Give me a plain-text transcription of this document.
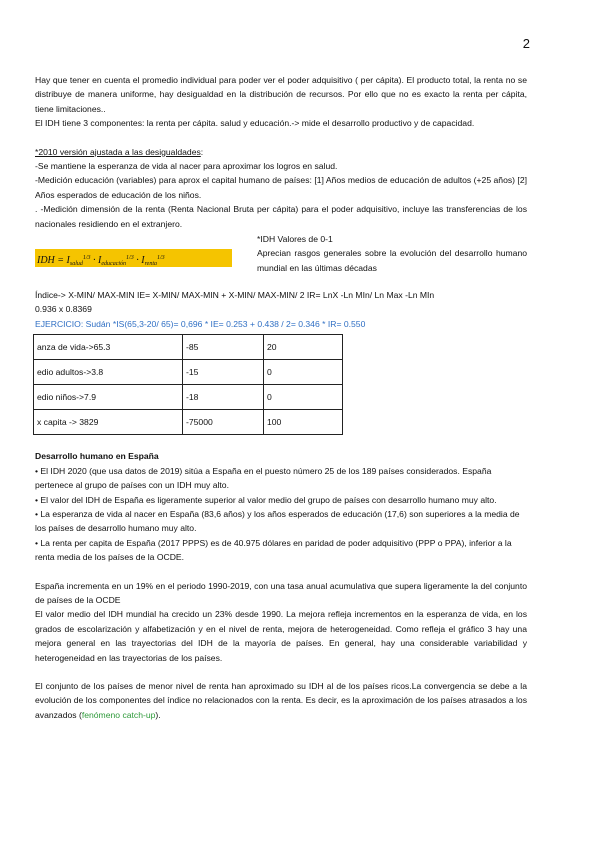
2

Hay que tener en cuenta el promedio individual para poder ver el poder adquisitivo ( per cápita). El producto total, la renta no se distribuye de manera uniforme, hay desigualdad en la distribución de recursos. Por ello que no es exacto la renta per cápita, tiene limitaciones..

El IDH tiene 3 componentes: la renta per cápita. salud y educación.-> mide el desarrollo productivo y de capacidad.

*2010 versión ajustada a las desigualdades:

-Se mantiene la esperanza de vida al nacer para aproximar los logros en salud.

-Medición educación (variables) para aprox el capital humano de países: [1] Años medios de educación de adultos (+25 años) [2] Años esperados de educación de los niños.

. -Medición dimensión de la renta (Renta Nacional Bruta per cápita) para el poder adquisitivo, incluye las transferencias de los nacionales residiendo en el extranjero.

IDH = $I_{salud}^{1/3} \cdot I_{educación}^{1/3} \cdot I_{renta}^{1/3}$

*IDH Valores de 0-1

Aprecian rasgos generales sobre la evolución del desarrollo humano mundial en las últimas décadas

Índice-> X-MIN/ MAX-MIN IE= X-MIN/ MAX-MIN + X-MIN/ MAX-MIN/ 2 IR= LnX -Ln MIn/ Ln Max -Ln MIn

0.936 x 0.8369

EJERCICIO: Sudán *IS(65,3-20/ 65)= 0,696 * IE= 0.253 + 0.438 / 2= 0.346 * IR= 0.550

anza de vida->65.3	-85	20
edio adultos->3.8	-15	0
edio niños->7.9	-18	0
x capita -> 3829	-75000	100

Desarrollo humano en España

• El IDH 2020 (que usa datos de 2019) sitúa a España en el puesto número 25 de los 189 países considerados. España pertenece al grupo de países con un IDH muy alto.

• El valor del IDH de España es ligeramente superior al valor medio del grupo de países con desarrollo humano muy alto.

• La esperanza de vida al nacer en España (83,6 años) y los años esperados de educación (17,6) son superiores a la media de los países de desarrollo humano muy alto.

• La renta per capita de España (2017 PPPS) es de 40.975 dólares en paridad de poder adquisitivo (PPP o PPA), inferior a la renta media de los países de la OCDE.

España incrementa en un 19% en el periodo 1990-2019, con una tasa anual acumulativa que supera ligeramente la del conjunto de países de la OCDE

El valor medio del IDH mundial ha crecido un 23% desde 1990. La mejora refleja incrementos en la esperanza de vida, en los grados de escolarización y alfabetización y en el nivel de renta, mejora de heterogeneidad. Como refleja el gráfico 3 hay una mejora general en las trayectorias del IDH de la mayoría de países. En general, hay una considerable variabilidad y heterogeneidad en las trayectorias de los países.

El conjunto de los países de menor nivel de renta han aproximado su IDH al de los países ricos.La convergencia se debe a la evolución de los componentes del índice no relacionados con la renta. Es decir, es la aproximación de los países atrasados a los avanzados (fenómeno catch-up).
